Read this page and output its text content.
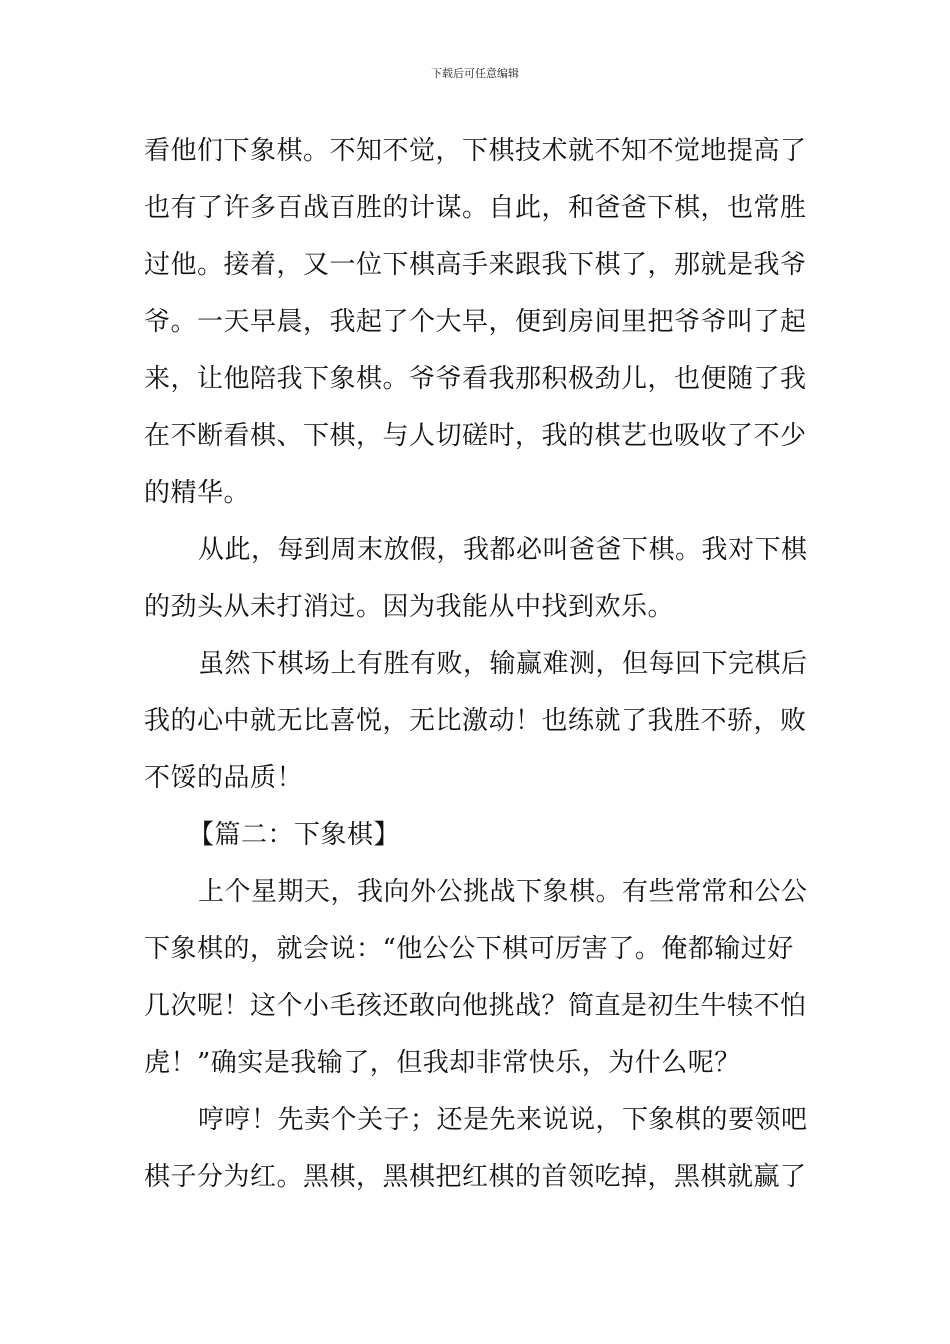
下载后可任意编辑
看他们下象棋。不知不觉，下棋技术就不知不觉地提高了
也有了许多百战百胜的计谋。自此，和爸爸下棋，也常胜
过他。接着，又一位下棋高手来跟我下棋了，那就是我爷
爷。一天早晨，我起了个大早，便到房间里把爷爷叫了起
来，让他陪我下象棋。爷爷看我那积极劲儿，也便随了我
在不断看棋、下棋，与人切磋时，我的棋艺也吸收了不少
的精华。
从此，每到周末放假，我都必叫爸爸下棋。我对下棋
的劲头从未打消过。因为我能从中找到欢乐。
虽然下棋场上有胜有败，输赢难测，但每回下完棋后
我的心中就无比喜悦，无比激动！也练就了我胜不骄，败
不馁的品质！
【篇二：下象棋】
上个星期天，我向外公挑战下象棋。有些常常和公公
下象棋的，就会说：“他公公下棋可厉害了。俺都输过好
几次呢！这个小毛孩还敢向他挑战？简直是初生牛犊不怕
虎！”确实是我输了，但我却非常快乐，为什么呢？
哼哼！先卖个关子；还是先来说说，下象棋的要领吧
棋子分为红。黑棋，黑棋把红棋的首领吃掉，黑棋就赢了
